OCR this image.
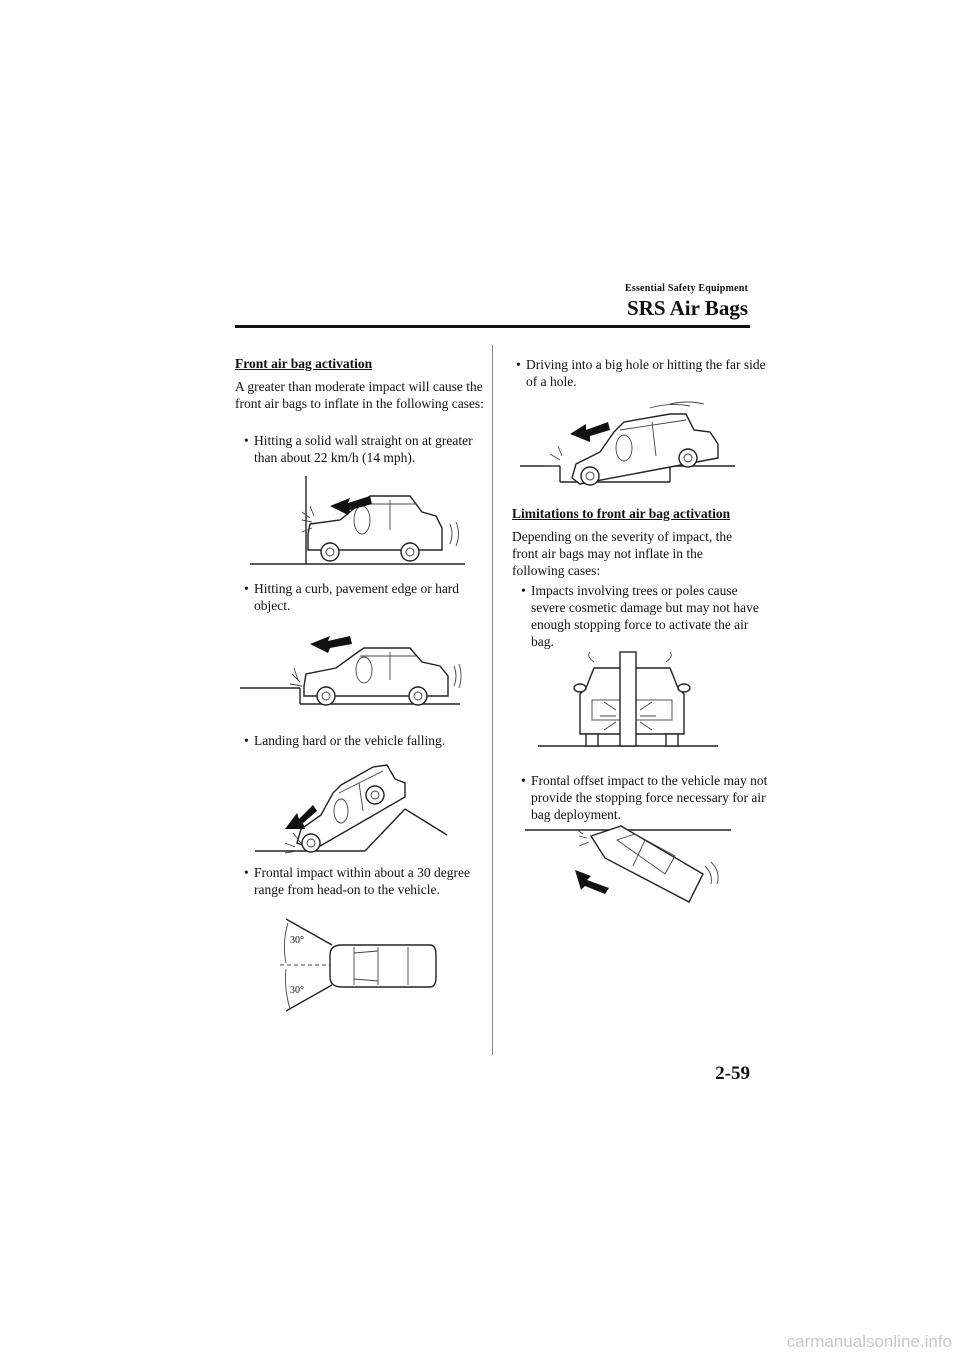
Essential Safety Equipment
SRS Air Bags
Front air bag activation
A greater than moderate impact will cause the front air bags to inflate in the following cases:
• Hitting a solid wall straight on at greater than about 22 km/h (14 mph).
• Hitting a curb, pavement edge or hard object.
• Landing hard or the vehicle falling.
• Frontal impact within about a 30 degree range from head-on to the vehicle.
30°
30°
• Driving into a big hole or hitting the far side of a hole.
Limitations to front air bag activation
Depending on the severity of impact, the front air bags may not inflate in the following cases:
• Impacts involving trees or poles cause severe cosmetic damage but may not have enough stopping force to activate the air bag.
• Frontal offset impact to the vehicle may not provide the stopping force necessary for air bag deployment.
2-59
carmanualsonline.info
